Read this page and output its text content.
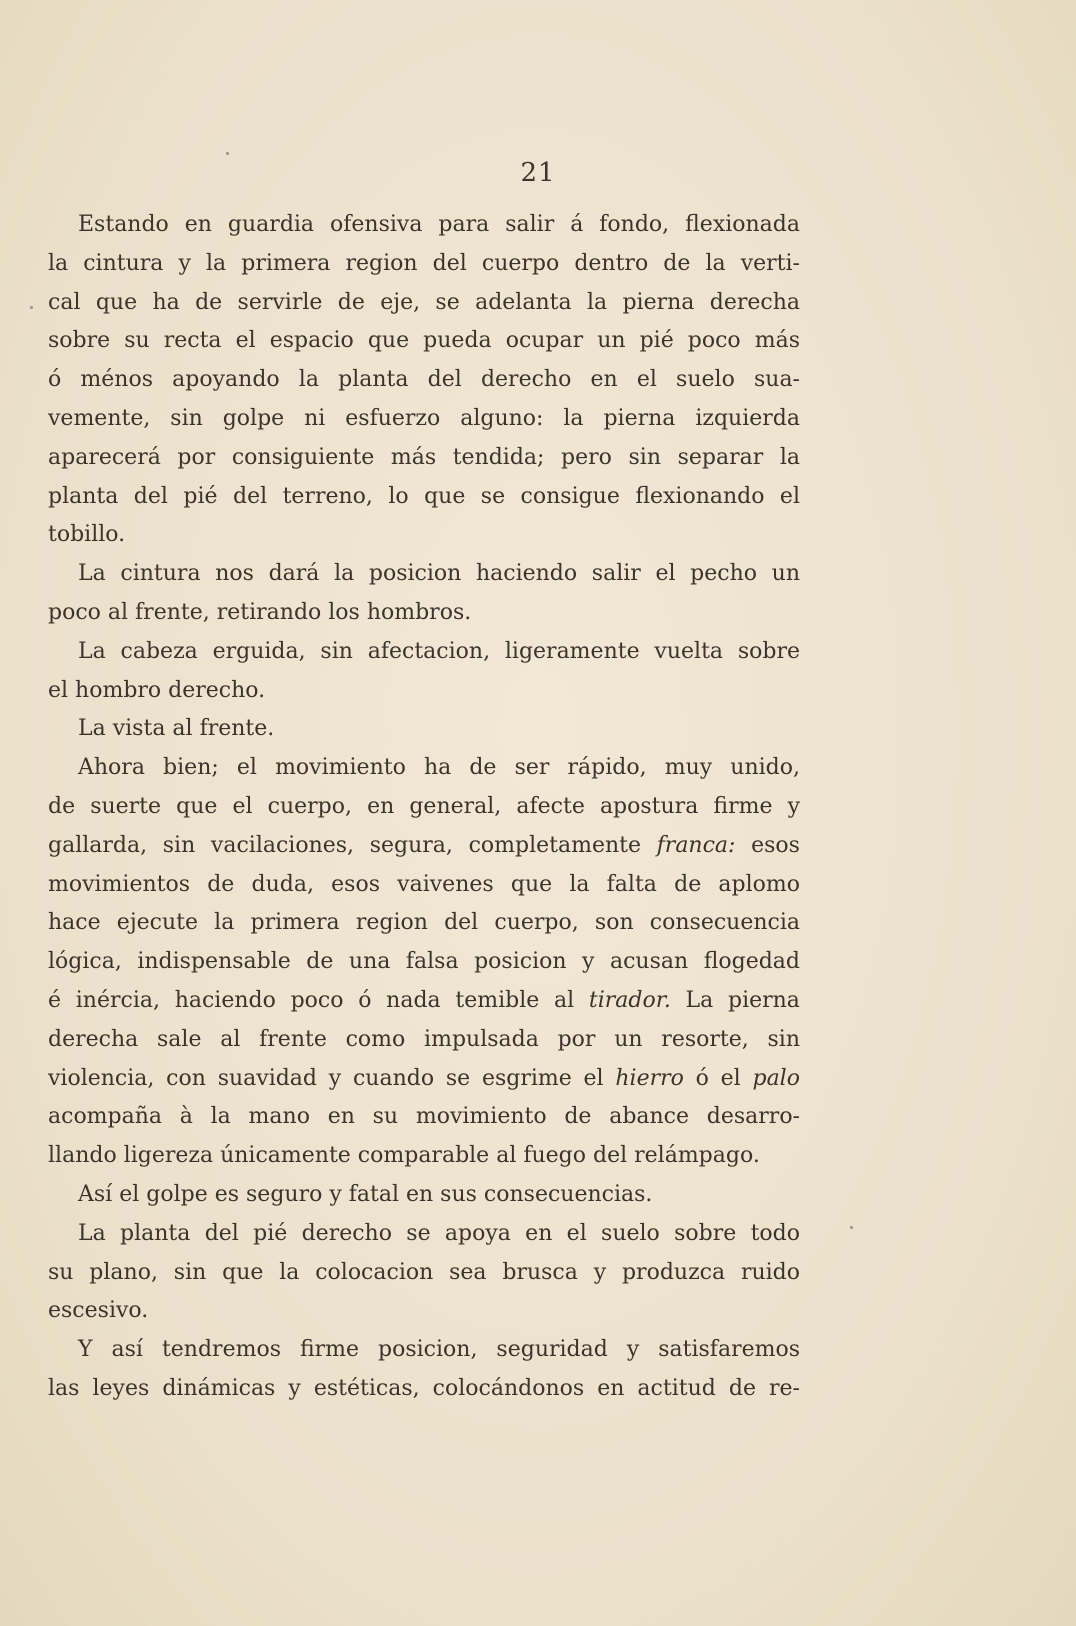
21
Estando en guardia ofensiva para salir á fondo, flexionada
la cintura y la primera region del cuerpo dentro de la verti-
cal que ha de servirle de eje, se adelanta la pierna derecha
sobre su recta el espacio que pueda ocupar un pié poco más
ó ménos apoyando la planta del derecho en el suelo sua-
vemente, sin golpe ni esfuerzo alguno: la pierna izquierda
aparecerá por consiguiente más tendida; pero sin separar la
planta del pié del terreno, lo que se consigue flexionando el
tobillo.
La cintura nos dará la posicion haciendo salir el pecho un
poco al frente, retirando los hombros.
La cabeza erguida, sin afectacion, ligeramente vuelta sobre
el hombro derecho.
La vista al frente.
Ahora bien; el movimiento ha de ser rápido, muy unido,
de suerte que el cuerpo, en general, afecte apostura firme y
gallarda, sin vacilaciones, segura, completamente franca: esos
movimientos de duda, esos vaivenes que la falta de aplomo
hace ejecute la primera region del cuerpo, son consecuencia
lógica, indispensable de una falsa posicion y acusan flogedad
é inércia, haciendo poco ó nada temible al tirador. La pierna
derecha sale al frente como impulsada por un resorte, sin
violencia, con suavidad y cuando se esgrime el hierro ó el palo
acompaña à la mano en su movimiento de abance desarro-
llando ligereza únicamente comparable al fuego del relámpago.
Así el golpe es seguro y fatal en sus consecuencias.
La planta del pié derecho se apoya en el suelo sobre todo
su plano, sin que la colocacion sea brusca y produzca ruido
escesivo.
Y así tendremos firme posicion, seguridad y satisfaremos
las leyes dinámicas y estéticas, colocándonos en actitud de re-
